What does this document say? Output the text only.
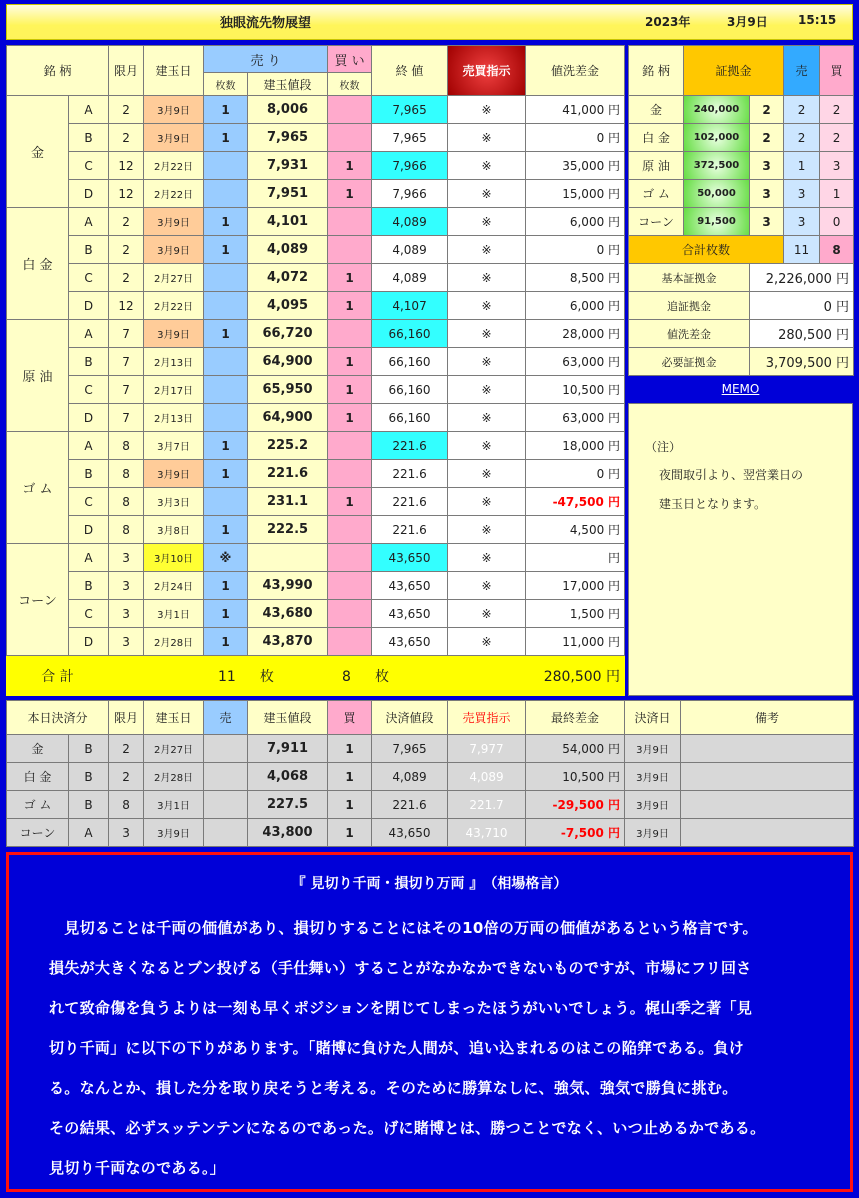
独眼流先物展望	2023年	3月9日	15:15
銘 柄		限月	建玉日	売 り		買 い	終 値	売買指示	値洗差金
				枚数	建玉値段	枚数			
金	A	2	3月9日	1	8,006		7,965	※	41,000 円
	B	2	3月9日	1	7,965		7,965	※	0 円
	C	12	2月22日		7,931	1	7,966	※	35,000 円
	D	12	2月22日		7,951	1	7,966	※	15,000 円
白 金	A	2	3月9日	1	4,101		4,089	※	6,000 円
	B	2	3月9日	1	4,089		4,089	※	0 円
	C	2	2月27日		4,072	1	4,089	※	8,500 円
	D	12	2月22日		4,095	1	4,107	※	6,000 円
原 油	A	7	3月9日	1	66,720		66,160	※	28,000 円
	B	7	2月13日		64,900	1	66,160	※	63,000 円
	C	7	2月17日		65,950	1	66,160	※	10,500 円
	D	7	2月13日		64,900	1	66,160	※	63,000 円
ゴ ム	A	8	3月7日	1	225.2		221.6	※	18,000 円
	B	8	3月9日	1	221.6		221.6	※	0 円
	C	8	3月3日		231.1	1	221.6	※	-47,500 円
	D	8	3月8日	1	222.5		221.6	※	4,500 円
コーン	A	3	3月10日	※			43,650	※	円
	B	3	2月24日	1	43,990		43,650	※	17,000 円
	C	3	3月1日	1	43,680		43,650	※	1,500 円
	D	3	2月28日	1	43,870		43,650	※	11,000 円
合 計				11 枚		8 枚			280,500 円
銘 柄	証拠金		売	買
金	240,000	2	2	2
白 金	102,000	2	2	2
原 油	372,500	3	1	3
ゴ ム	50,000	3	3	1
コーン	91,500	3	3	0
合計枚数			11	8
基本証拠金		2,226,000 円		
追証拠金		0 円		
値洗差金		280,500 円		
必要証拠金		3,709,500 円		
MEMO
（注）
夜間取引より、翌営業日の
建玉日となります。
本日決済分		限月	建玉日	売	建玉値段	買	決済値段	売買指示	最終差金	決済日	備考
金	B	2	2月27日		7,911	1	7,965	7,977	54,000 円	3月9日	
白 金	B	2	2月28日		4,068	1	4,089	4,089	10,500 円	3月9日	
ゴ ム	B	8	3月1日		227.5	1	221.6	221.7	-29,500 円	3月9日	
コーン	A	3	3月9日		43,800	1	43,650	43,710	-7,500 円	3月9日	
『 見切り千両・損切り万両 』　（相場格言）
　見切ることは千両の価値があり、損切りすることにはその10倍の万両の価値があるという格言です。
損失が大きくなるとブン投げる（手仕舞い）することがなかなかできないものですが、市場にフリ回さ
れて致命傷を負うよりは一刻も早くポジションを閉じてしまったほうがいいでしょう。梶山季之著「見
切り千両」に以下の下りがあります。「賭博に負けた人間が、追い込まれるのはこの陥穽である。負け
る。なんとか、損した分を取り戻そうと考える。そのために勝算なしに、強気、強気で勝負に挑む。
その結果、必ずスッテンテンになるのであった。げに賭博とは、勝つことでなく、いつ止めるかである。
見切り千両なのである。」
